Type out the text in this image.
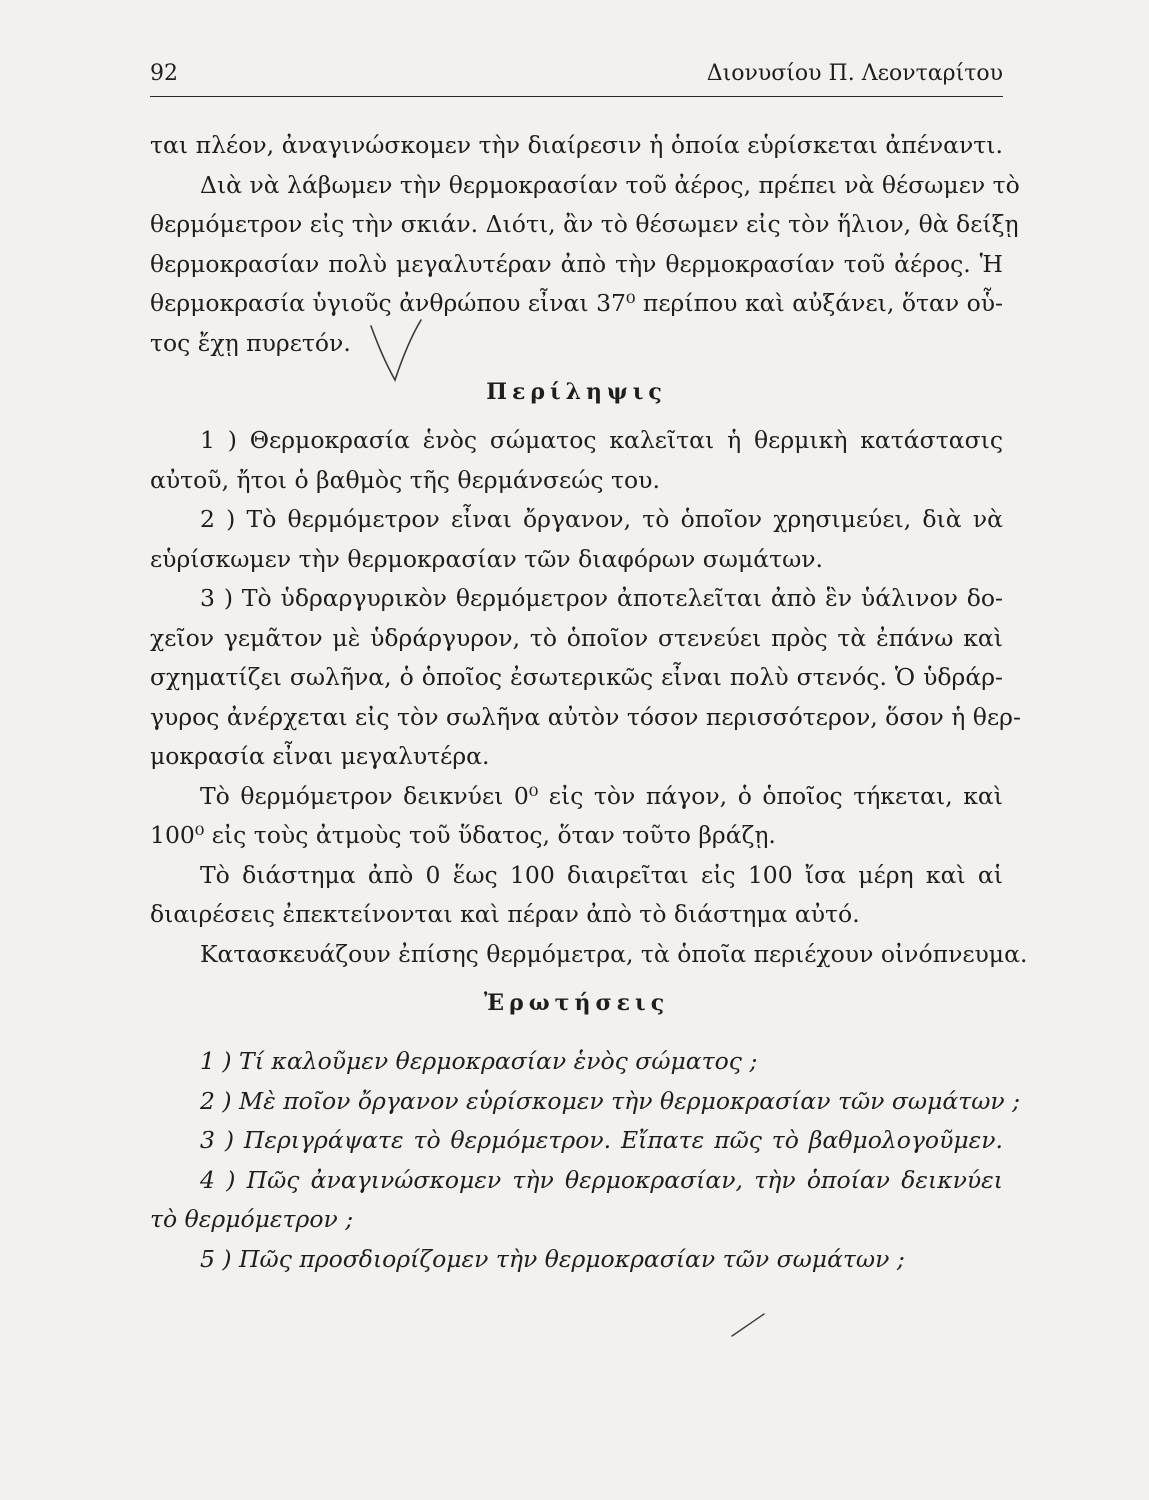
92	Διονυσίου Π. Λεονταρίτου
ται πλέον, ἀναγινώσκομεν τὴν διαίρεσιν ἡ ὁποία εὑρίσκεται ἀπέναντι.
Διὰ νὰ λάβωμεν τὴν θερμοκρασίαν τοῦ ἀέρος, πρέπει νὰ θέσωμεν τὸ
θερμόμετρον εἰς τὴν σκιάν. Διότι, ἂν τὸ θέσωμεν εἰς τὸν ἥλιον, θὰ δείξῃ
θερμοκρασίαν πολὺ μεγαλυτέραν ἀπὸ τὴν θερμοκρασίαν τοῦ ἀέρος. Ἡ
θερμοκρασία ὑγιοῦς ἀνθρώπου εἶναι 37⁰ περίπου καὶ αὐξάνει, ὅταν οὗ-
τος ἔχῃ πυρετόν.
Περίληψις
1 ) Θερμοκρασία ἑνὸς σώματος καλεῖται ἡ θερμικὴ κατάστασις
αὐτοῦ, ἤτοι ὁ βαθμὸς τῆς θερμάνσεώς του.
2 ) Τὸ θερμόμετρον εἶναι ὄργανον, τὸ ὁποῖον χρησιμεύει, διὰ νὰ
εὑρίσκωμεν τὴν θερμοκρασίαν τῶν διαφόρων σωμάτων.
3 ) Τὸ ὑδραργυρικὸν θερμόμετρον ἀποτελεῖται ἀπὸ ἓν ὑάλινον δο-
χεῖον γεμᾶτον μὲ ὑδράργυρον, τὸ ὁποῖον στενεύει πρὸς τὰ ἐπάνω καὶ
σχηματίζει σωλῆνα, ὁ ὁποῖος ἐσωτερικῶς εἶναι πολὺ στενός. Ὁ ὑδράρ-
γυρος ἀνέρχεται εἰς τὸν σωλῆνα αὐτὸν τόσον περισσότερον, ὅσον ἡ θερ-
μοκρασία εἶναι μεγαλυτέρα.
Τὸ θερμόμετρον δεικνύει 0⁰ εἰς τὸν πάγον, ὁ ὁποῖος τήκεται, καὶ
100⁰ εἰς τοὺς ἀτμοὺς τοῦ ὕδατος, ὅταν τοῦτο βράζῃ.
Τὸ διάστημα ἀπὸ 0 ἕως 100 διαιρεῖται εἰς 100 ἴσα μέρη καὶ αἱ
διαιρέσεις ἐπεκτείνονται καὶ πέραν ἀπὸ τὸ διάστημα αὐτό.
Κατασκευάζουν ἐπίσης θερμόμετρα, τὰ ὁποῖα περιέχουν οἰνόπνευμα.
Ἐρωτήσεις
1 ) Τί καλοῦμεν θερμοκρασίαν ἑνὸς σώματος ;
2 ) Μὲ ποῖον ὄργανον εὑρίσκομεν τὴν θερμοκρασίαν τῶν σωμάτων ;
3 ) Περιγράψατε τὸ θερμόμετρον. Εἴπατε πῶς τὸ βαθμολογοῦμεν.
4 ) Πῶς ἀναγινώσκομεν τὴν θερμοκρασίαν, τὴν ὁποίαν δεικνύει
τὸ θερμόμετρον ;
5 ) Πῶς προσδιορίζομεν τὴν θερμοκρασίαν τῶν σωμάτων ;
